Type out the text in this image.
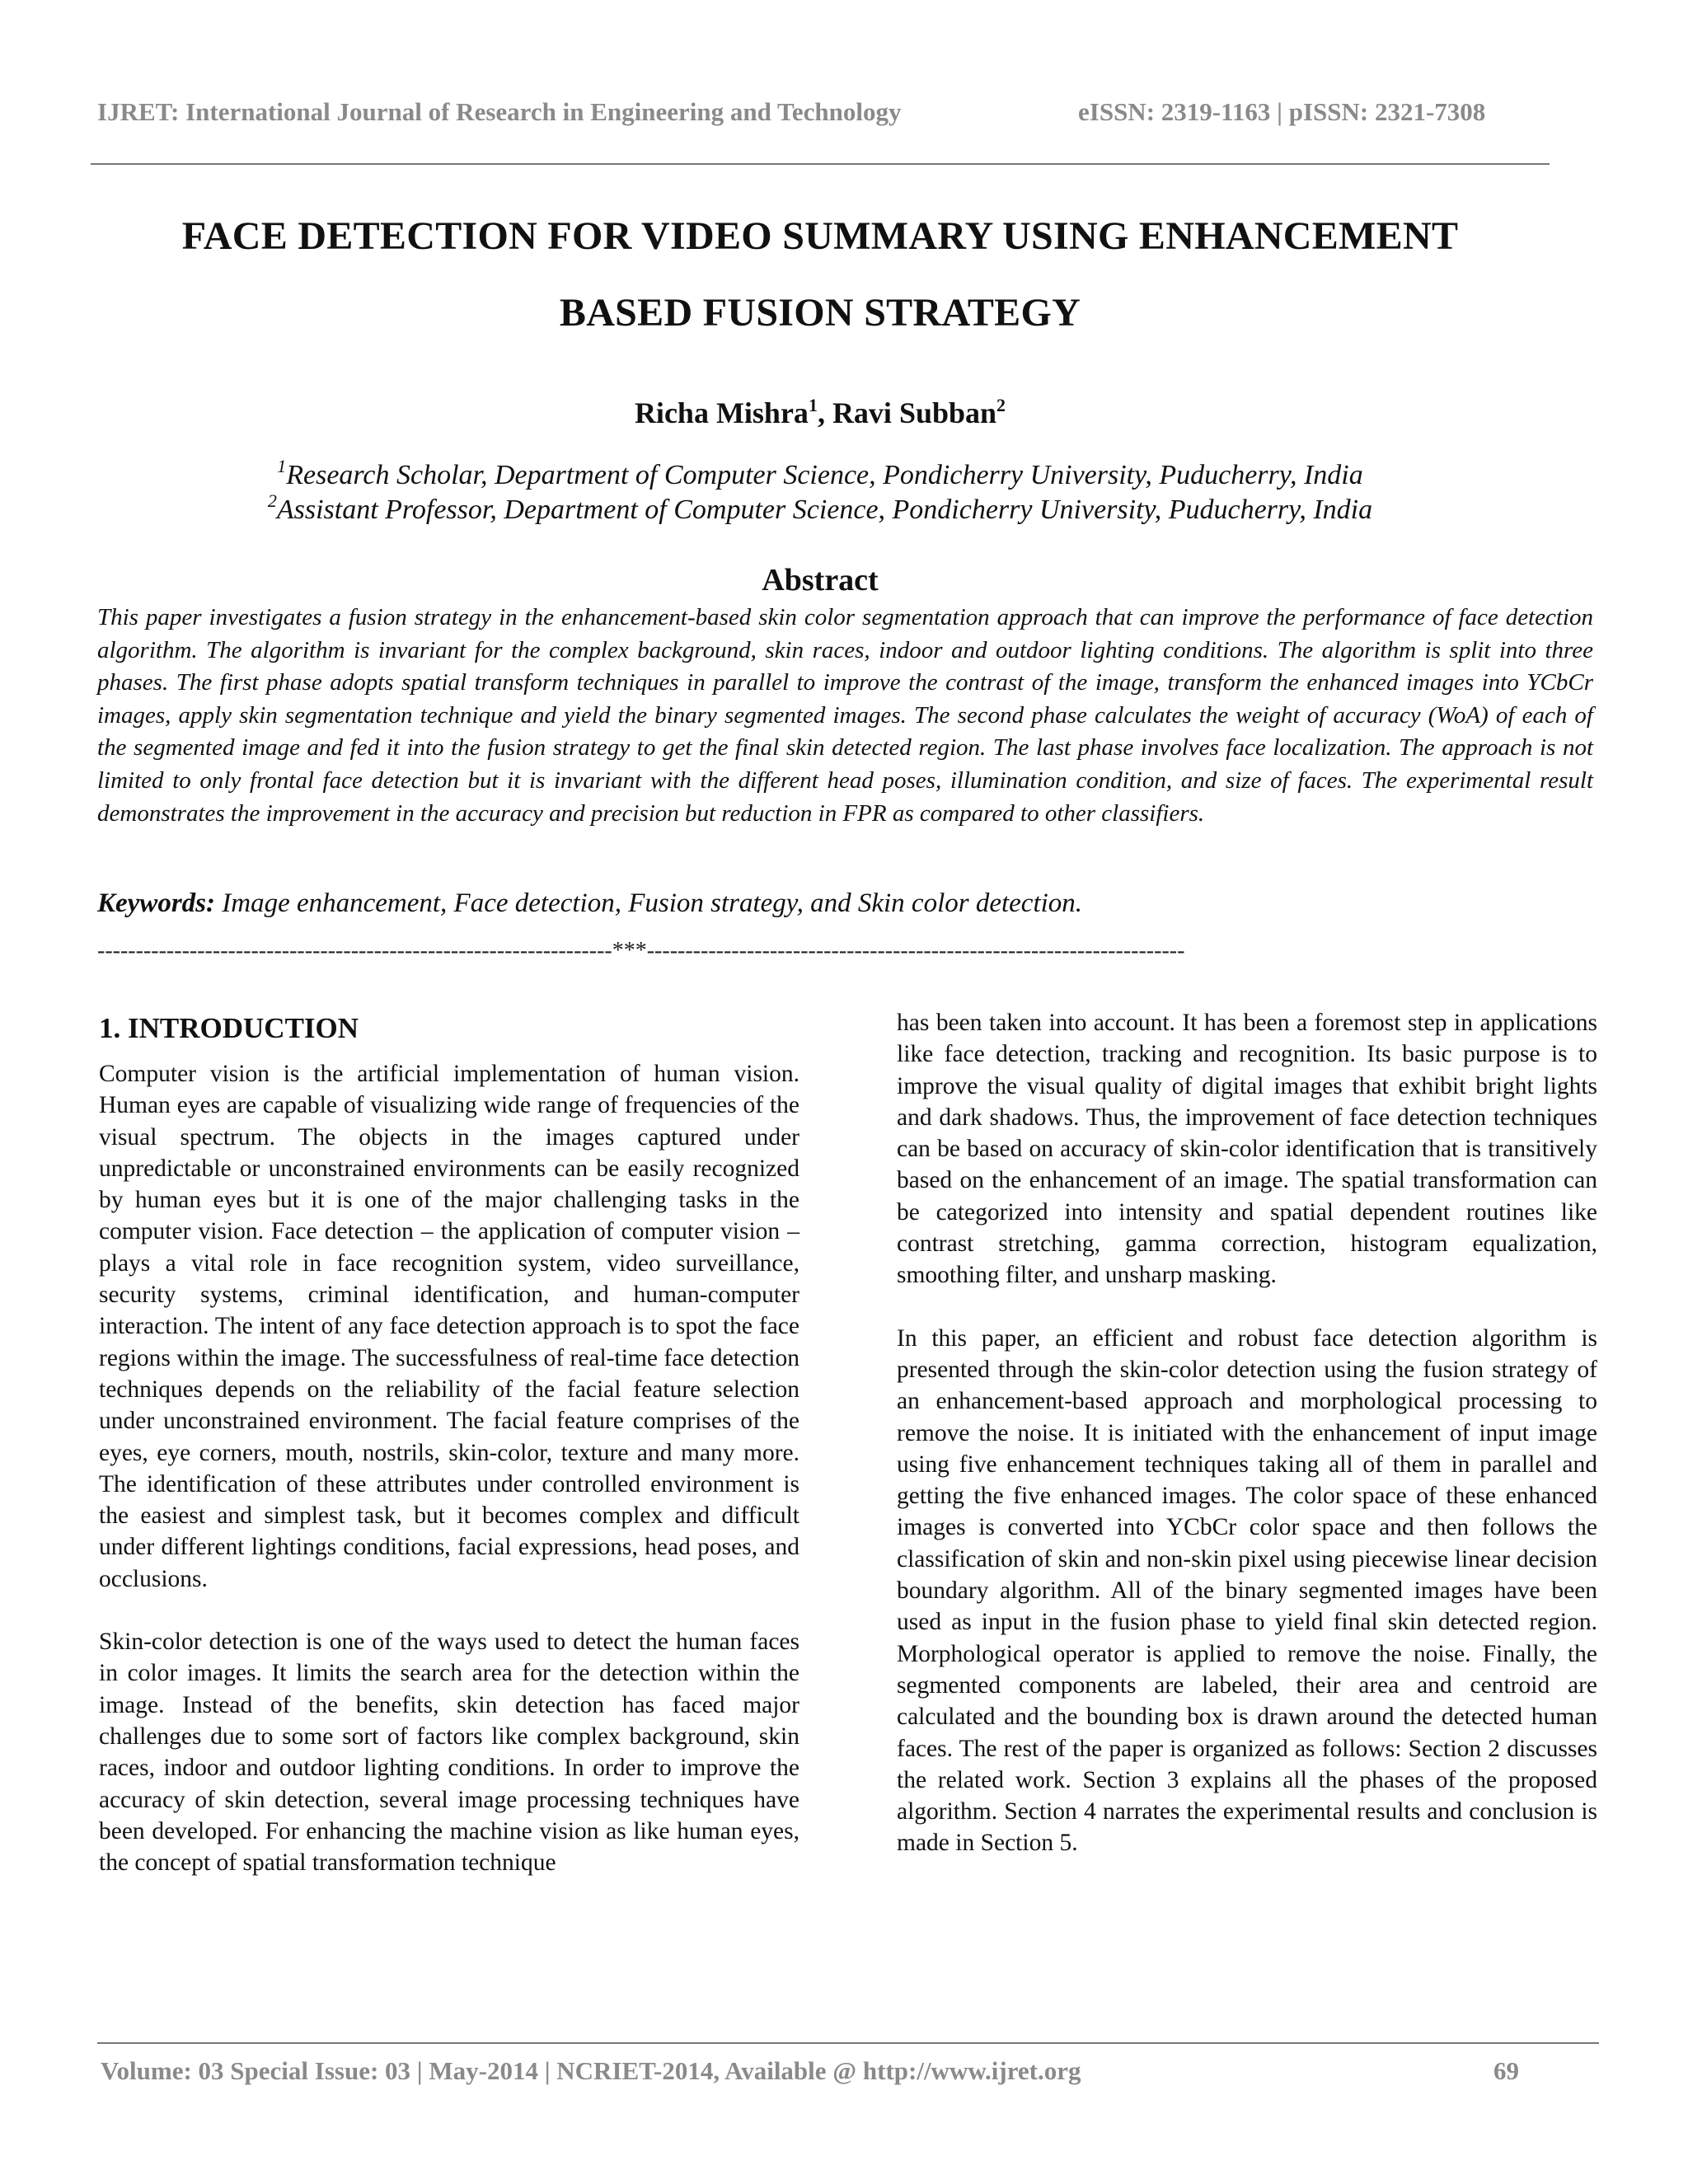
IJRET: International Journal of Research in Engineering and Technology	eISSN: 2319-1163 | pISSN: 2321-7308
FACE DETECTION FOR VIDEO SUMMARY USING ENHANCEMENT
BASED FUSION STRATEGY
Richa Mishra$^1$, Ravi Subban$^2$
$^1$Research Scholar, Department of Computer Science, Pondicherry University, Puducherry, India
$^2$Assistant Professor, Department of Computer Science, Pondicherry University, Puducherry, India
Abstract
This paper investigates a fusion strategy in the enhancement-based skin color segmentation approach that can improve the performance of face detection algorithm. The algorithm is invariant for the complex background, skin races, indoor and outdoor lighting conditions. The algorithm is split into three phases. The first phase adopts spatial transform techniques in parallel to improve the contrast of the image, transform the enhanced images into YCbCr images, apply skin segmentation technique and yield the binary segmented images. The second phase calculates the weight of accuracy (WoA) of each of the segmented image and fed it into the fusion strategy to get the final skin detected region. The last phase involves face localization. The approach is not limited to only frontal face detection but it is invariant with the different head poses, illumination condition, and size of faces. The experimental result demonstrates the improvement in the accuracy and precision but reduction in FPR as compared to other classifiers.
Keywords: Image enhancement, Face detection, Fusion strategy, and Skin color detection.
-------------------------------------------------------------------***----------------------------------------------------------------------
1. INTRODUCTION

Computer vision is the artificial implementation of human vision. Human eyes are capable of visualizing wide range of frequencies of the visual spectrum. The objects in the images captured under unpredictable or unconstrained environments can be easily recognized by human eyes but it is one of the major challenging tasks in the computer vision. Face detection – the application of computer vision – plays a vital role in face recognition system, video surveillance, security systems, criminal identification, and human-computer interaction. The intent of any face detection approach is to spot the face regions within the image. The successfulness of real-time face detection techniques depends on the reliability of the facial feature selection under unconstrained environment. The facial feature comprises of the eyes, eye corners, mouth, nostrils, skin-color, texture and many more. The identification of these attributes under controlled environment is the easiest and simplest task, but it becomes complex and difficult under different lightings conditions, facial expressions, head poses, and occlusions.

Skin-color detection is one of the ways used to detect the human faces in color images. It limits the search area for the detection within the image. Instead of the benefits, skin detection has faced major challenges due to some sort of factors like complex background, skin races, indoor and outdoor lighting conditions. In order to improve the accuracy of skin detection, several image processing techniques have been developed. For enhancing the machine vision as like human eyes, the concept of spatial transformation technique

has been taken into account. It has been a foremost step in applications like face detection, tracking and recognition. Its basic purpose is to improve the visual quality of digital images that exhibit bright lights and dark shadows. Thus, the improvement of face detection techniques can be based on accuracy of skin-color identification that is transitively based on the enhancement of an image. The spatial transformation can be categorized into intensity and spatial dependent routines like contrast stretching, gamma correction, histogram equalization, smoothing filter, and unsharp masking.

In this paper, an efficient and robust face detection algorithm is presented through the skin-color detection using the fusion strategy of an enhancement-based approach and morphological processing to remove the noise. It is initiated with the enhancement of input image using five enhancement techniques taking all of them in parallel and getting the five enhanced images. The color space of these enhanced images is converted into YCbCr color space and then follows the classification of skin and non-skin pixel using piecewise linear decision boundary algorithm. All of the binary segmented images have been used as input in the fusion phase to yield final skin detected region. Morphological operator is applied to remove the noise. Finally, the segmented components are labeled, their area and centroid are calculated and the bounding box is drawn around the detected human faces. The rest of the paper is organized as follows: Section 2 discusses the related work. Section 3 explains all the phases of the proposed algorithm. Section 4 narrates the experimental results and conclusion is made in Section 5.

Volume: 03 Special Issue: 03 | May-2014 | NCRIET-2014, Available @ http://www.ijret.org	69
